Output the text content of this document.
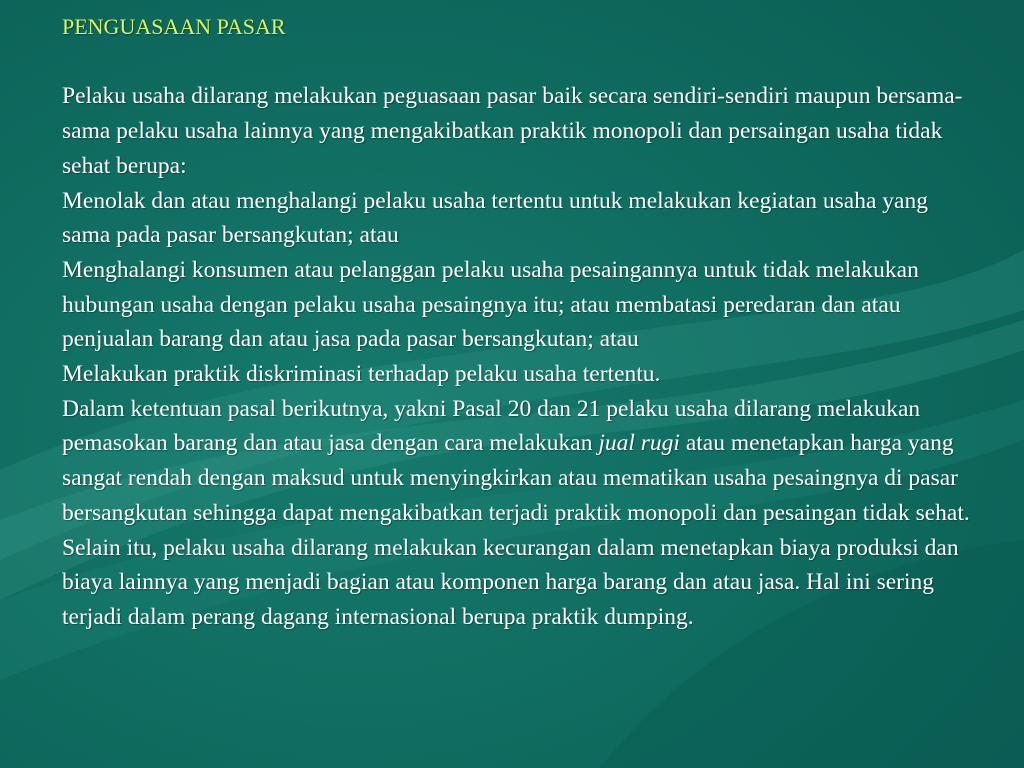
PENGUASAAN PASAR

Pelaku usaha dilarang melakukan peguasaan pasar baik secara sendiri-sendiri maupun bersama-sama pelaku usaha lainnya yang mengakibatkan praktik monopoli dan persaingan usaha tidak sehat berupa:

Menolak dan atau menghalangi pelaku usaha tertentu untuk melakukan kegiatan usaha yang sama pada pasar bersangkutan; atau

Menghalangi konsumen atau pelanggan pelaku usaha pesaingannya untuk tidak melakukan hubungan usaha dengan pelaku usaha pesaingnya itu; atau membatasi peredaran dan atau penjualan barang dan atau jasa pada pasar bersangkutan; atau

Melakukan praktik diskriminasi terhadap pelaku usaha tertentu.

Dalam ketentuan pasal berikutnya, yakni Pasal 20 dan 21 pelaku usaha dilarang melakukan pemasokan barang dan atau jasa dengan cara melakukan jual rugi atau menetapkan harga yang sangat rendah dengan maksud untuk menyingkirkan atau mematikan usaha pesaingnya di pasar bersangkutan sehingga dapat mengakibatkan terjadi praktik monopoli dan pesaingan tidak sehat. Selain itu, pelaku usaha dilarang melakukan kecurangan dalam menetapkan biaya produksi dan biaya lainnya yang menjadi bagian atau komponen harga barang dan atau jasa. Hal ini sering terjadi dalam perang dagang internasional berupa praktik dumping.
